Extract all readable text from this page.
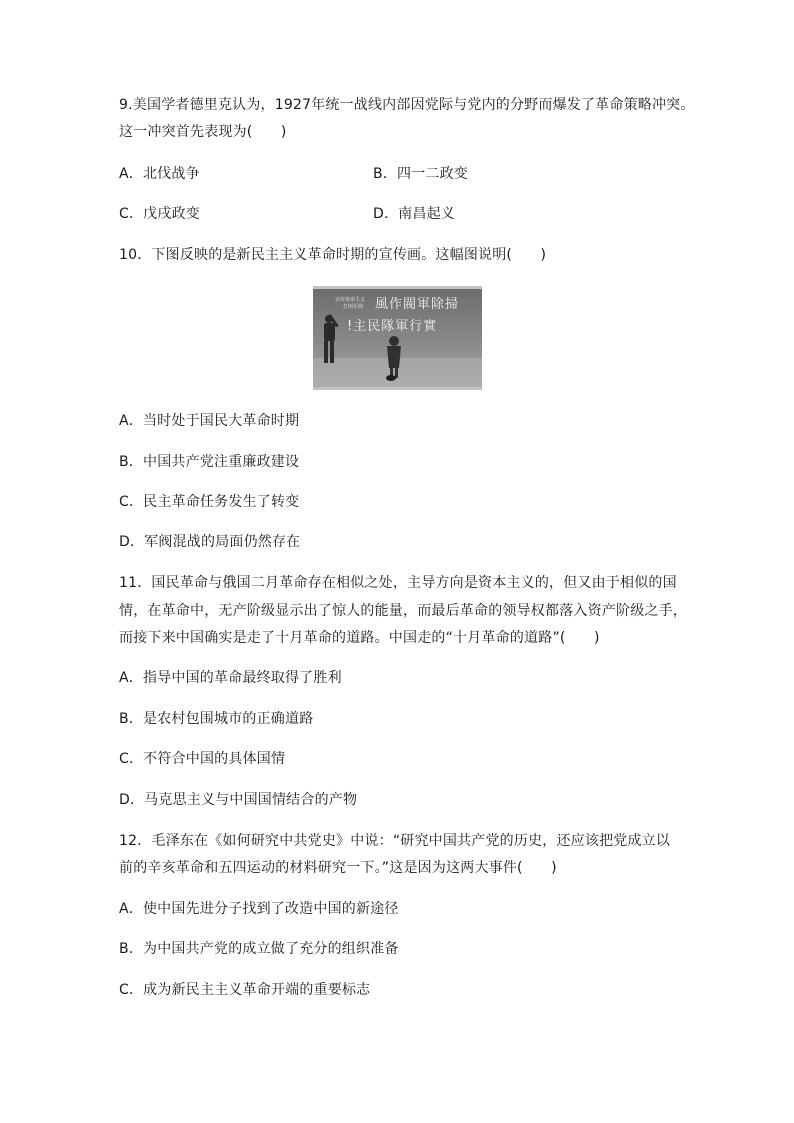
9.美国学者德里克认为，1927年统一战线内部因党际与党内的分野而爆发了革命策略冲突。
这一冲突首先表现为(　　)
A．北伐战争	B．四一二政变
C．戊戌政变	D．南昌起义
10．下图反映的是新民主主义革命时期的宣传画。这幅图说明(　　)
宣传革命主义
打倒军阀 風作閥軍除掃
!主民隊軍行實
A．当时处于国民大革命时期
B．中国共产党注重廉政建设
C．民主革命任务发生了转变
D．军阀混战的局面仍然存在
11．国民革命与俄国二月革命存在相似之处，主导方向是资本主义的，但又由于相似的国
情，在革命中，无产阶级显示出了惊人的能量，而最后革命的领导权都落入资产阶级之手，
而接下来中国确实是走了十月革命的道路。中国走的“十月革命的道路”(　　)
A．指导中国的革命最终取得了胜利
B．是农村包围城市的正确道路
C．不符合中国的具体国情
D．马克思主义与中国国情结合的产物
12．毛泽东在《如何研究中共党史》中说：“研究中国共产党的历史，还应该把党成立以
前的辛亥革命和五四运动的材料研究一下。”这是因为这两大事件(　　)
A．使中国先进分子找到了改造中国的新途径
B．为中国共产党的成立做了充分的组织准备
C．成为新民主主义革命开端的重要标志
